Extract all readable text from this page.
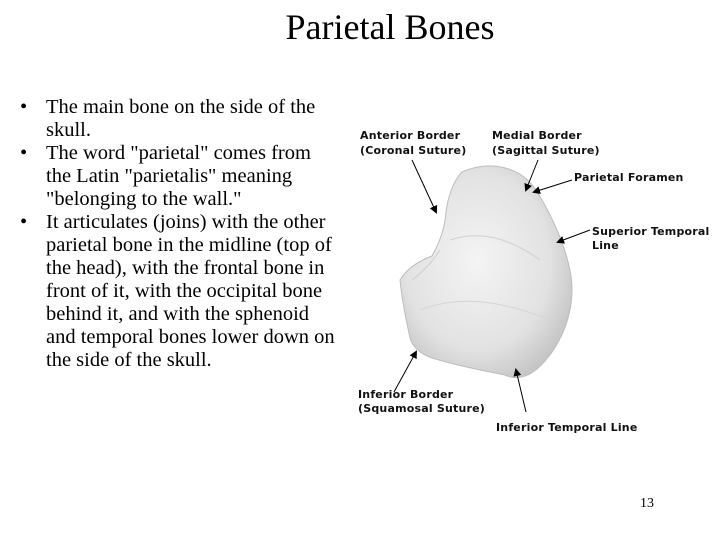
Parietal Bones
• The main bone on the side of the skull.
• The word "parietal" comes from the Latin "parietalis" meaning "belonging to the wall."
• It articulates (joins) with the other parietal bone in the midline (top of the head), with the frontal bone in front of it, with the occipital bone behind it, and with the sphenoid and temporal bones lower down on the side of the skull.
Anterior Border
(Coronal Suture)
Medial Border
(Sagittal Suture)
Parietal Foramen
Superior Temporal
Line
Inferior Border
(Squamosal Suture)
Inferior Temporal Line
13
